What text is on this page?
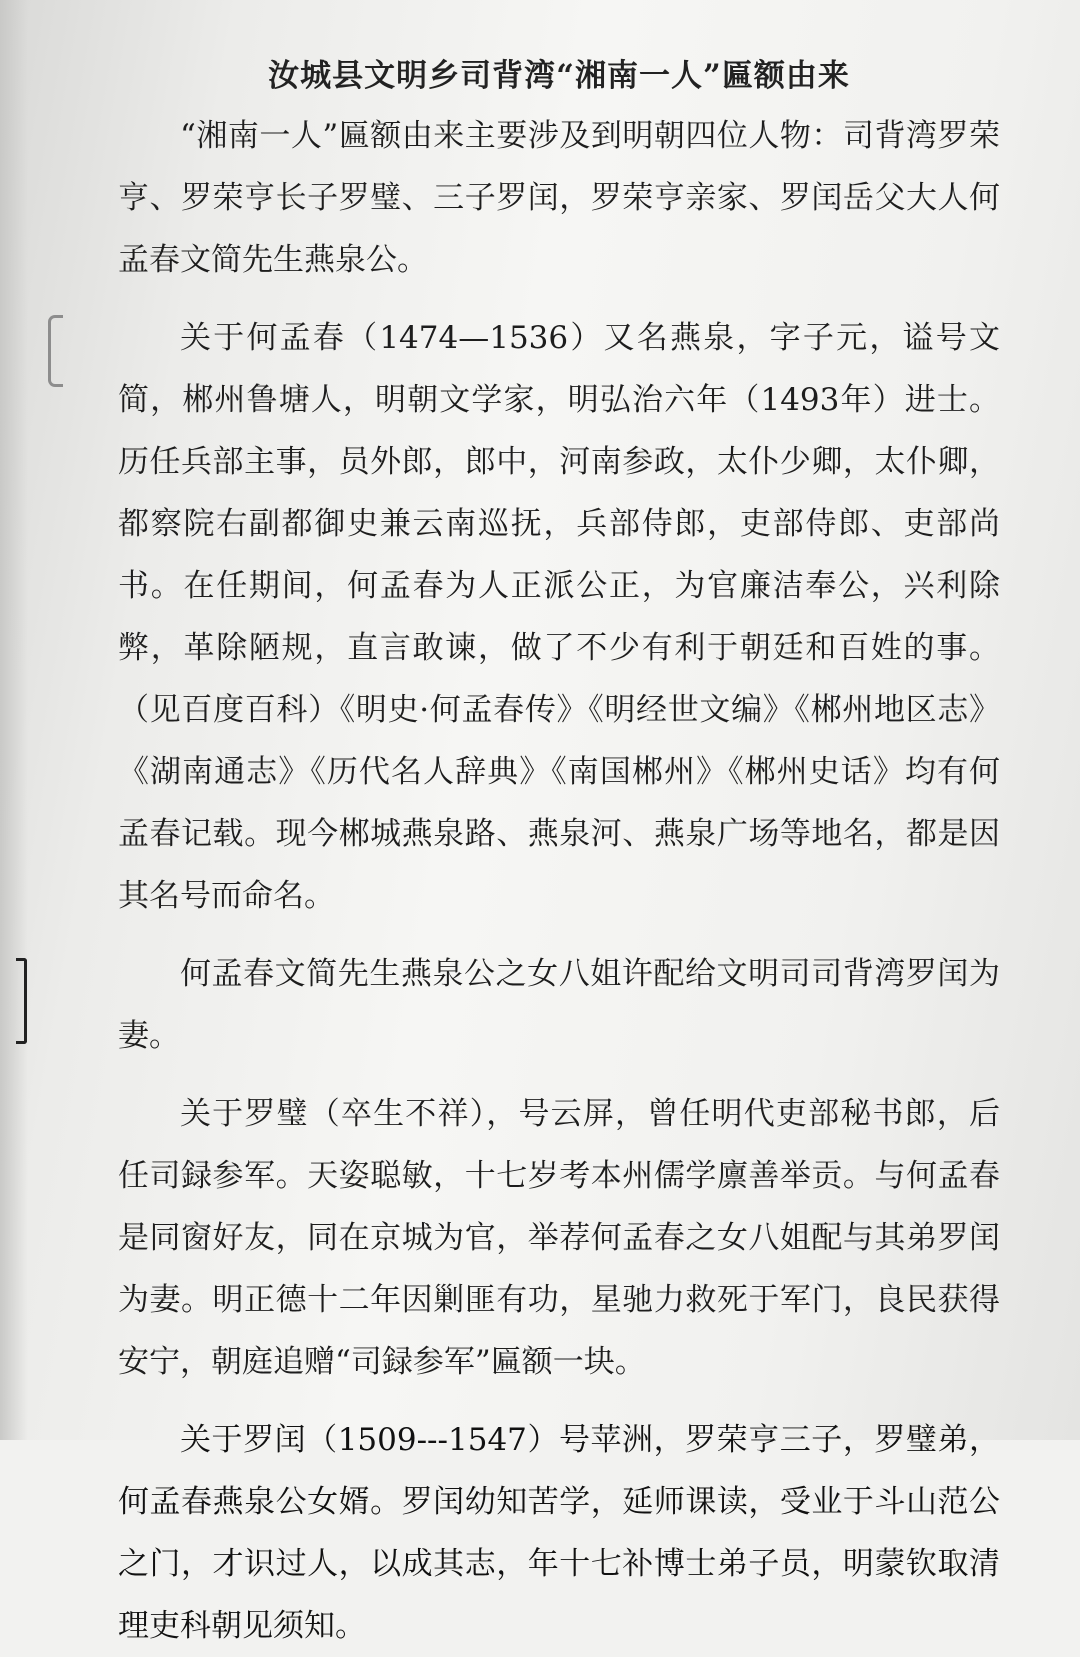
汝城县文明乡司背湾“湘南一人”匾额由来

“湘南一人”匾额由来主要涉及到明朝四位人物：司背湾罗荣亨、罗荣亨长子罗璧、三子罗闰，罗荣亨亲家、罗闰岳父大人何孟春文简先生燕泉公。

关于何孟春（1474—1536）又名燕泉，字子元，谥号文简，郴州鲁塘人，明朝文学家，明弘治六年（1493年）进士。历任兵部主事，员外郎，郎中，河南参政，太仆少卿，太仆卿，都察院右副都御史兼云南巡抚，兵部侍郎，吏部侍郎、吏部尚书。在任期间，何孟春为人正派公正，为官廉洁奉公，兴利除弊，革除陋规，直言敢谏，做了不少有利于朝廷和百姓的事。（见百度百科）《明史·何孟春传》《明经世文编》《郴州地区志》《湖南通志》《历代名人辞典》《南国郴州》《郴州史话》均有何孟春记载。现今郴城燕泉路、燕泉河、燕泉广场等地名，都是因其名号而命名。

何孟春文简先生燕泉公之女八姐许配给文明司司背湾罗闰为妻。

关于罗璧（卒生不祥），号云屏，曾任明代吏部秘书郎，后任司録参军。天姿聪敏，十七岁考本州儒学廪善举贡。与何孟春是同窗好友，同在京城为官，举荐何孟春之女八姐配与其弟罗闰为妻。明正德十二年因剿匪有功，星驰力救死于军门，良民获得安宁，朝庭追赠“司録参军”匾额一块。

关于罗闰（1509---1547）号苹洲，罗荣亨三子，罗璧弟，何孟春燕泉公女婿。罗闰幼知苦学，延师课读，受业于斗山范公之门，才识过人，以成其志，年十七补博士弟子员，明蒙钦取清理吏科朝见须知。
